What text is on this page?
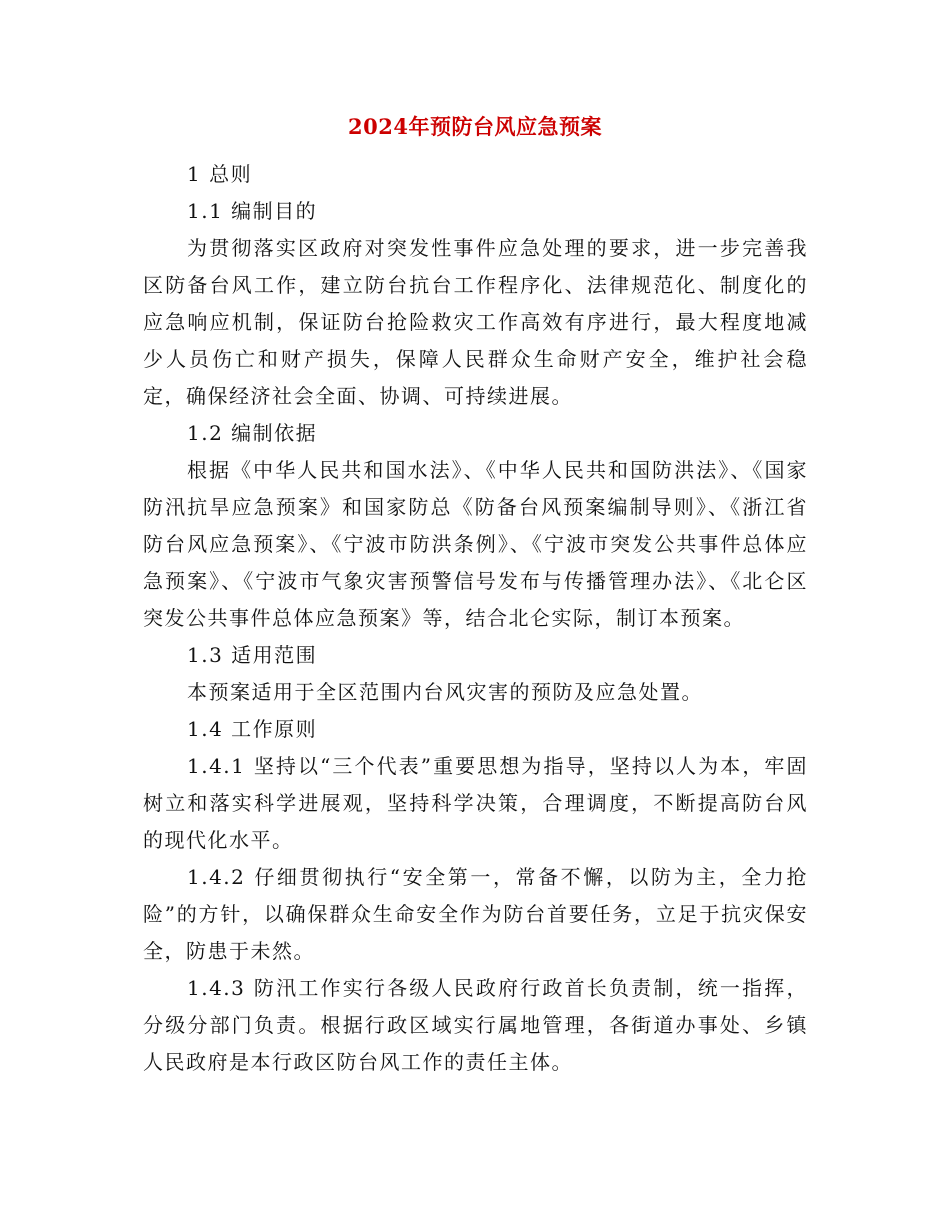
2024年预防台风应急预案

1 总则

1.1 编制目的

为贯彻落实区政府对突发性事件应急处理的要求，进一步完善我区防备台风工作，建立防台抗台工作程序化、法律规范化、制度化的应急响应机制，保证防台抢险救灾工作高效有序进行，最大程度地减少人员伤亡和财产损失，保障人民群众生命财产安全，维护社会稳定，确保经济社会全面、协调、可持续进展。

1.2 编制依据

根据《中华人民共和国水法》、《中华人民共和国防洪法》、《国家防汛抗旱应急预案》和国家防总《防备台风预案编制导则》、《浙江省防台风应急预案》、《宁波市防洪条例》、《宁波市突发公共事件总体应急预案》、《宁波市气象灾害预警信号发布与传播管理办法》、《北仑区突发公共事件总体应急预案》等，结合北仑实际，制订本预案。

1.3 适用范围

本预案适用于全区范围内台风灾害的预防及应急处置。

1.4 工作原则

1.4.1 坚持以“三个代表”重要思想为指导，坚持以人为本，牢固树立和落实科学进展观，坚持科学决策，合理调度，不断提高防台风的现代化水平。

1.4.2 仔细贯彻执行“安全第一，常备不懈，以防为主，全力抢险”的方针，以确保群众生命安全作为防台首要任务，立足于抗灾保安全，防患于未然。

1.4.3 防汛工作实行各级人民政府行政首长负责制，统一指挥，分级分部门负责。根据行政区域实行属地管理，各街道办事处、乡镇人民政府是本行政区防台风工作的责任主体。
